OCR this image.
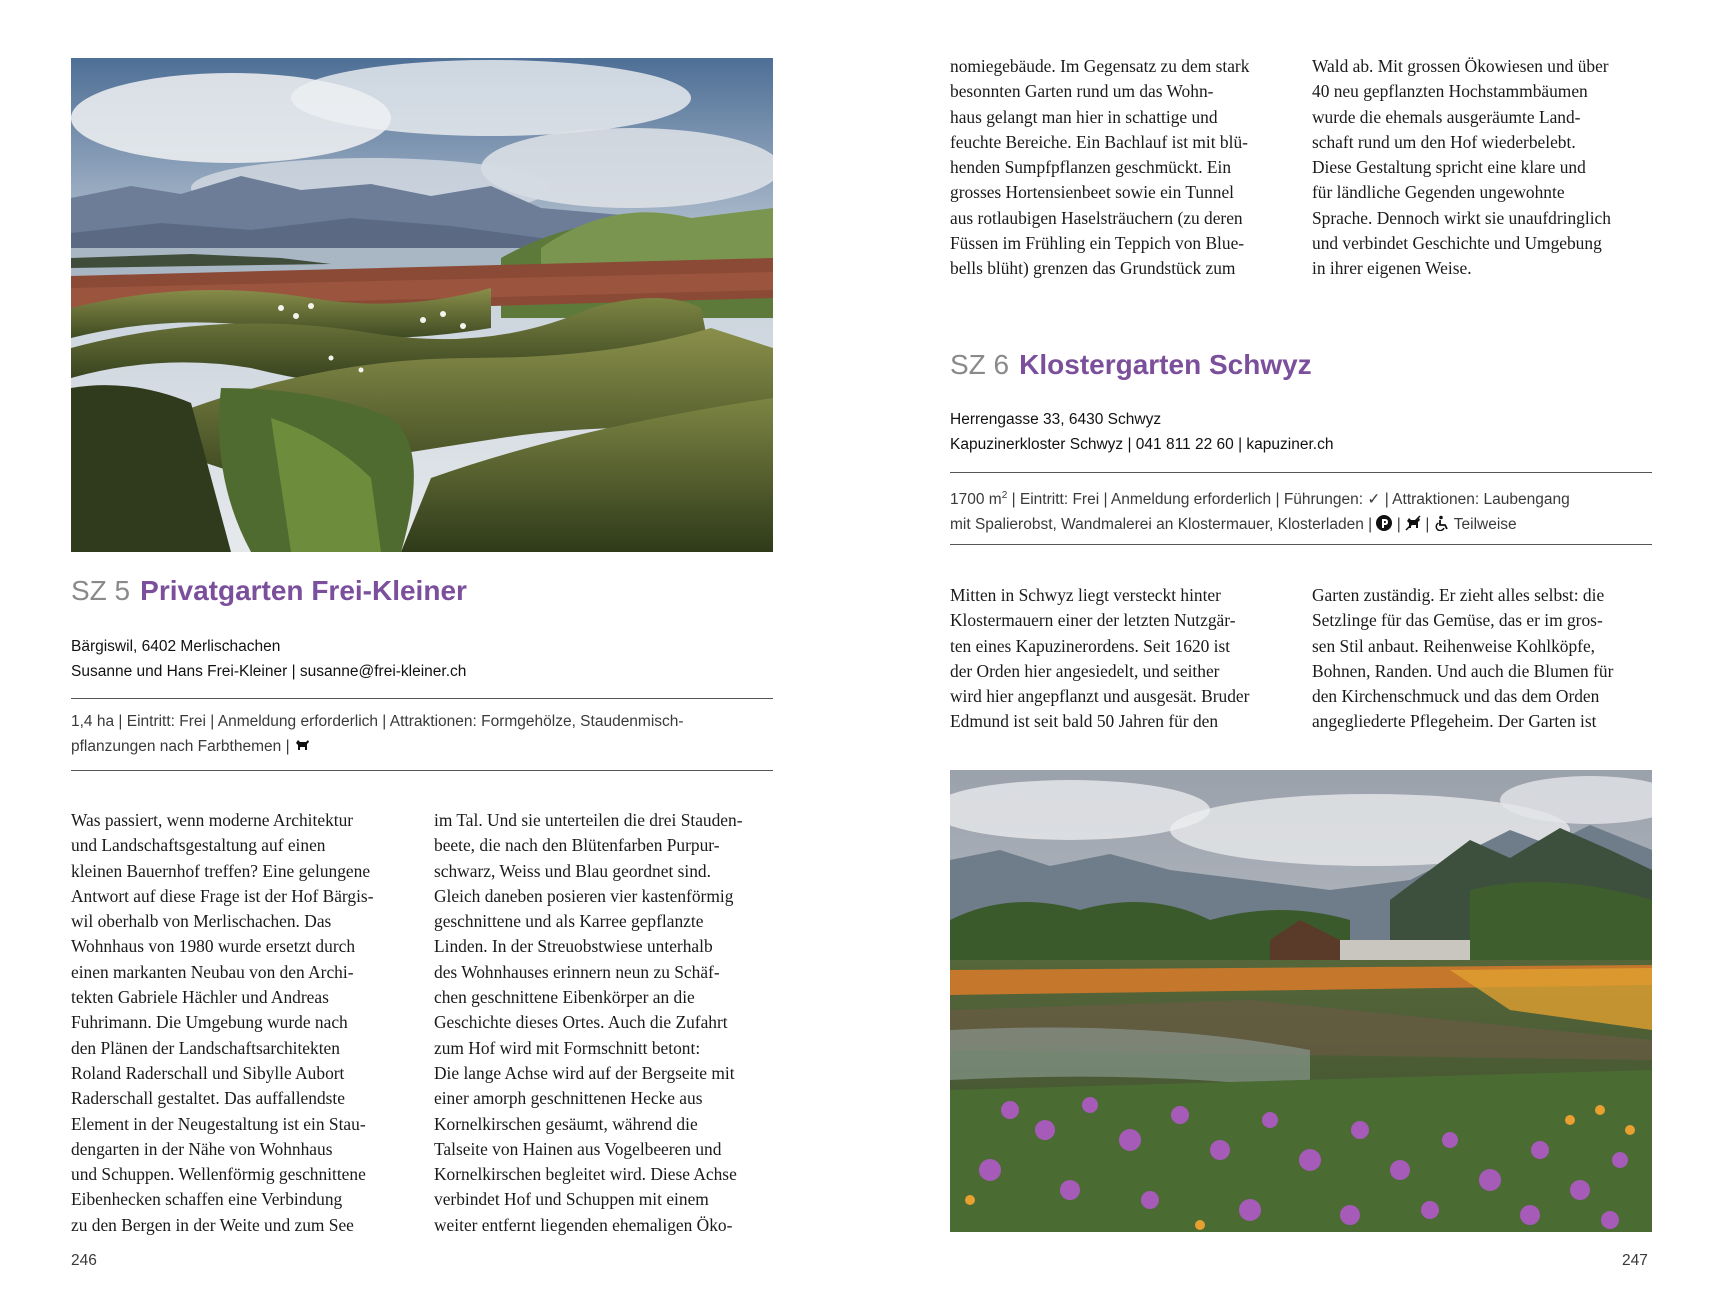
SZ 5 Privatgarten Frei-Kleiner
Bärgiswil, 6402 Merlischachen
Susanne und Hans Frei-Kleiner | susanne@frei-kleiner.ch
1,4 ha | Eintritt: Frei | Anmeldung erforderlich | Attraktionen: Formgehölze, Staudenmisch-
pflanzungen nach Farbthemen |
Was passiert, wenn moderne Architektur
und Landschaftsgestaltung auf einen
kleinen Bauernhof treffen? Eine gelungene
Antwort auf diese Frage ist der Hof Bärgis-
wil oberhalb von Merlischachen. Das
Wohnhaus von 1980 wurde ersetzt durch
einen markanten Neubau von den Archi-
tekten Gabriele Hächler und Andreas
Fuhrimann. Die Umgebung wurde nach
den Plänen der Landschaftsarchitekten
Roland Raderschall und Sibylle Aubort
Raderschall gestaltet. Das auffallendste
Element in der Neugestaltung ist ein Stau-
dengarten in der Nähe von Wohnhaus
und Schuppen. Wellenförmig geschnittene
Eibenhecken schaffen eine Verbindung
zu den Bergen in der Weite und zum See
im Tal. Und sie unterteilen die drei Stauden-
beete, die nach den Blütenfarben Purpur-
schwarz, Weiss und Blau geordnet sind.
Gleich daneben posieren vier kastenförmig
geschnittene und als Karree gepflanzte
Linden. In der Streuobstwiese unterhalb
des Wohnhauses erinnern neun zu Schäf-
chen geschnittene Eibenkörper an die
Geschichte dieses Ortes. Auch die Zufahrt
zum Hof wird mit Formschnitt betont:
Die lange Achse wird auf der Bergseite mit
einer amorph geschnittenen Hecke aus
Kornelkirschen gesäumt, während die
Talseite von Hainen aus Vogelbeeren und
Kornelkirschen begleitet wird. Diese Achse
verbindet Hof und Schuppen mit einem
weiter entfernt liegenden ehemaligen Öko-
246
nomiegebäude. Im Gegensatz zu dem stark
besonnten Garten rund um das Wohn-
haus gelangt man hier in schattige und
feuchte Bereiche. Ein Bachlauf ist mit blü-
henden Sumpfpflanzen geschmückt. Ein
grosses Hortensienbeet sowie ein Tunnel
aus rotlaubigen Haselsträuchern (zu deren
Füssen im Frühling ein Teppich von Blue-
bells blüht) grenzen das Grundstück zum
Wald ab. Mit grossen Ökowiesen und über
40 neu gepflanzten Hochstammbäumen
wurde die ehemals ausgeräumte Land-
schaft rund um den Hof wiederbelebt.
Diese Gestaltung spricht eine klare und
für ländliche Gegenden ungewohnte
Sprache. Dennoch wirkt sie unaufdringlich
und verbindet Geschichte und Umgebung
in ihrer eigenen Weise.
SZ 6 Klostergarten Schwyz
Herrengasse 33, 6430 Schwyz
Kapuzinerkloster Schwyz | 041 811 22 60 | kapuziner.ch
1700 $m^2$ | Eintritt: Frei | Anmeldung erforderlich | Führungen: ✓ | Attraktionen: Laubengang
mit Spalierobst, Wandmalerei an Klostermauer, Klosterladen |  |  |  Teilweise
Mitten in Schwyz liegt versteckt hinter
Klostermauern einer der letzten Nutzgär-
ten eines Kapuzinerordens. Seit 1620 ist
der Orden hier angesiedelt, und seither
wird hier angepflanzt und ausgesät. Bruder
Edmund ist seit bald 50 Jahren für den
Garten zuständig. Er zieht alles selbst: die
Setzlinge für das Gemüse, das er im gros-
sen Stil anbaut. Reihenweise Kohlköpfe,
Bohnen, Randen. Und auch die Blumen für
den Kirchenschmuck und das dem Orden
angegliederte Pflegeheim. Der Garten ist
247
